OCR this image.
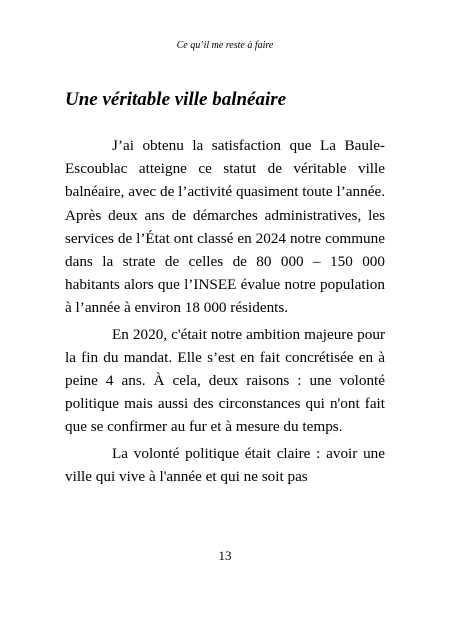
Ce qu’il me reste à faire
Une véritable ville balnéaire

J’ai obtenu la satisfaction que La Baule-Escoublac atteigne ce statut de véritable ville balnéaire, avec de l’activité quasiment toute l’année. Après deux ans de démarches administratives, les services de l’État ont classé en 2024 notre commune dans la strate de celles de 80 000 – 150 000 habitants alors que l’INSEE évalue notre population à l’année à environ 18 000 résidents.

En 2020, c'était notre ambition majeure pour la fin du mandat. Elle s’est en fait concrétisée en à peine 4 ans. À cela, deux raisons : une volonté politique mais aussi des circonstances qui n'ont fait que se confirmer au fur et à mesure du temps.

La volonté politique était claire : avoir une ville qui vive à l'année et qui ne soit pas

13
